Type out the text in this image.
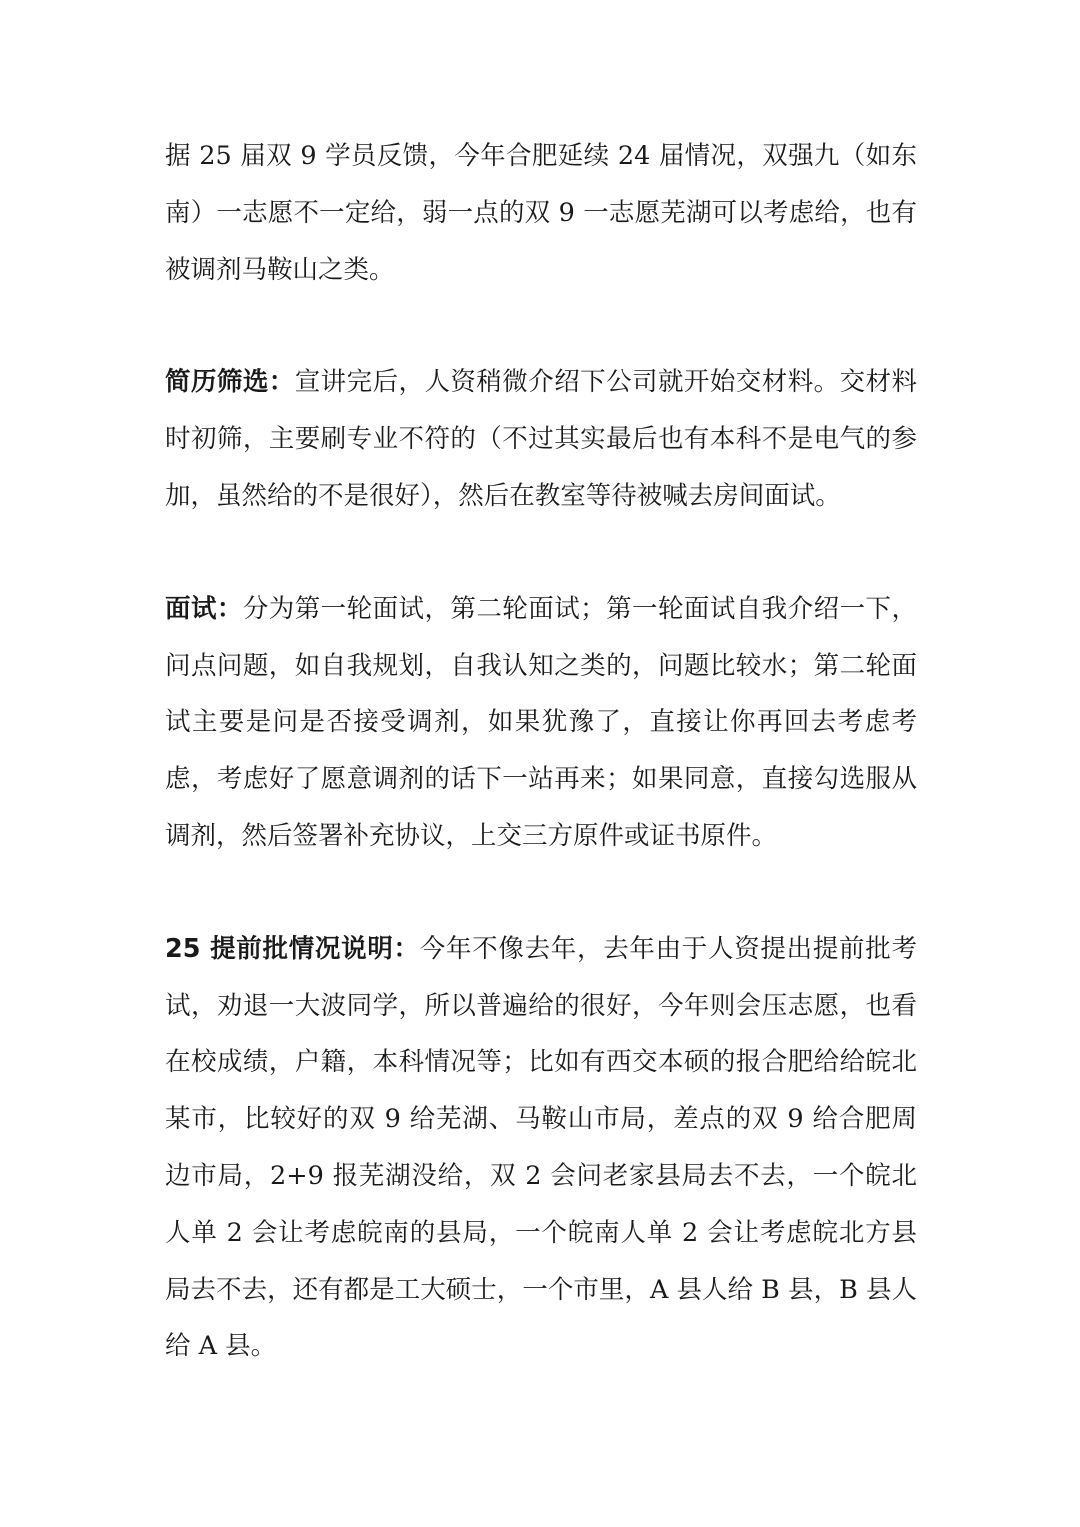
据 25 届双 9 学员反馈，今年合肥延续 24 届情况，双强九（如东南）一志愿不一定给，弱一点的双 9 一志愿芜湖可以考虑给，也有被调剂马鞍山之类。

简历筛选：宣讲完后，人资稍微介绍下公司就开始交材料。交材料时初筛，主要刷专业不符的（不过其实最后也有本科不是电气的参加，虽然给的不是很好），然后在教室等待被喊去房间面试。

面试：分为第一轮面试，第二轮面试；第一轮面试自我介绍一下，问点问题，如自我规划，自我认知之类的，问题比较水；第二轮面试主要是问是否接受调剂，如果犹豫了，直接让你再回去考虑考虑，考虑好了愿意调剂的话下一站再来；如果同意，直接勾选服从调剂，然后签署补充协议，上交三方原件或证书原件。

25 提前批情况说明：今年不像去年，去年由于人资提出提前批考试，劝退一大波同学，所以普遍给的很好，今年则会压志愿，也看在校成绩，户籍，本科情况等；比如有西交本硕的报合肥给给皖北某市，比较好的双 9 给芜湖、马鞍山市局，差点的双 9 给合肥周边市局，2+9 报芜湖没给，双 2 会问老家县局去不去，一个皖北人单 2 会让考虑皖南的县局，一个皖南人单 2 会让考虑皖北方县局去不去，还有都是工大硕士，一个市里，A 县人给 B 县，B 县人给 A 县。
